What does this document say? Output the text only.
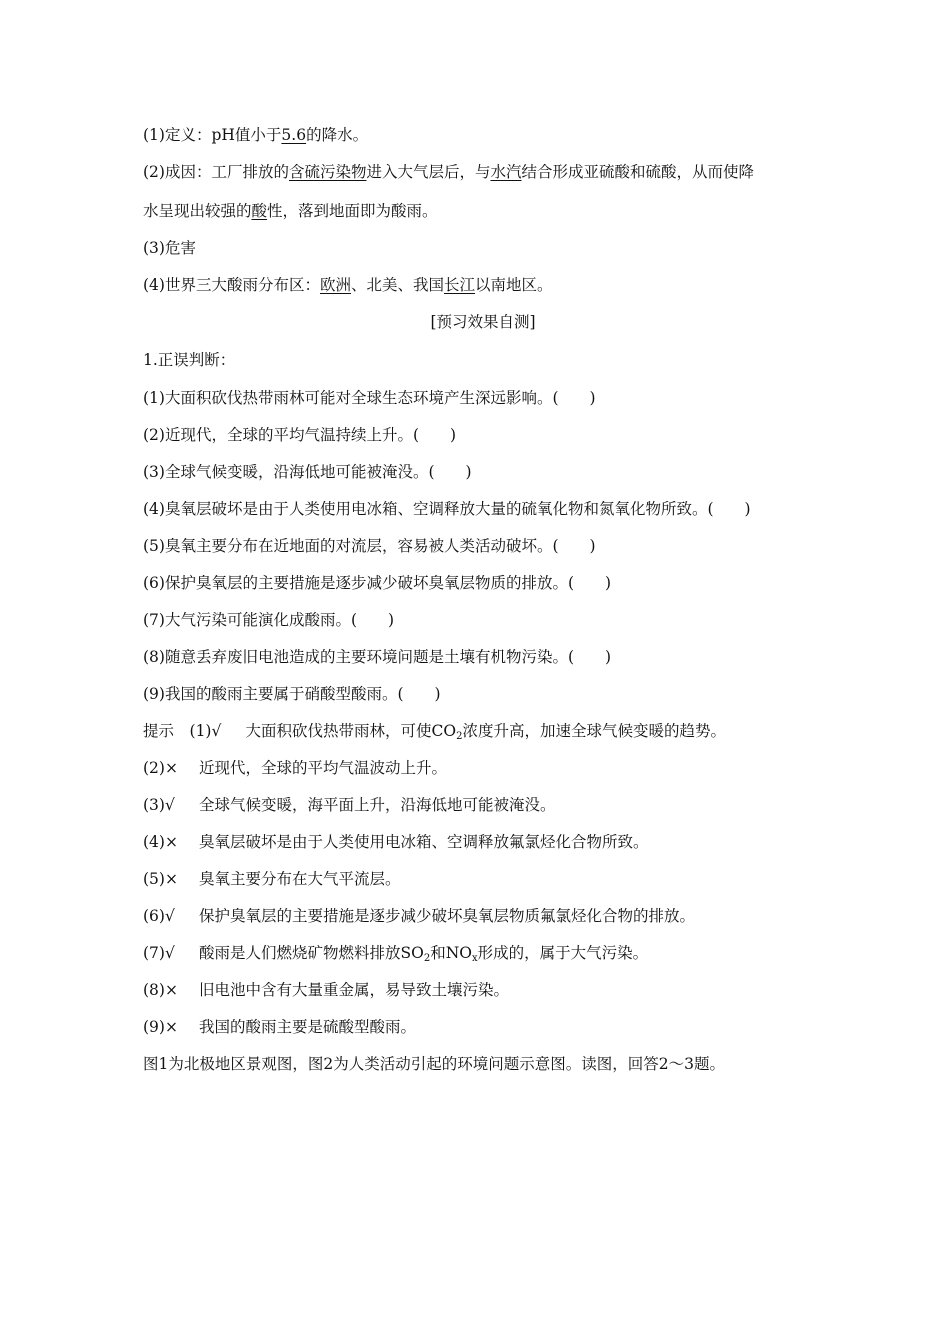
(1)定义：pH值小于5.6的降水。
(2)成因：工厂排放的含硫污染物进入大气层后，与水汽结合形成亚硫酸和硫酸，从而使降
水呈现出较强的酸性，落到地面即为酸雨。
(3)危害
(4)世界三大酸雨分布区：欧洲、北美、我国长江以南地区。
[预习效果自测]
1.正误判断：
(1)大面积砍伐热带雨林可能对全球生态环境产生深远影响。(　　)
(2)近现代，全球的平均气温持续上升。(　　)
(3)全球气候变暖，沿海低地可能被淹没。(　　)
(4)臭氧层破坏是由于人类使用电冰箱、空调释放大量的硫氧化物和氮氧化物所致。(　　)
(5)臭氧主要分布在近地面的对流层，容易被人类活动破坏。(　　)
(6)保护臭氧层的主要措施是逐步减少破坏臭氧层物质的排放。(　　)
(7)大气污染可能演化成酸雨。(　　)
(8)随意丢弃废旧电池造成的主要环境问题是土壤有机物污染。(　　)
(9)我国的酸雨主要属于硝酸型酸雨。(　　)
提示　(1)√ 大面积砍伐热带雨林，可使$CO_2$浓度升高，加速全球气候变暖的趋势。
(2)× 近现代，全球的平均气温波动上升。
(3)√ 全球气候变暖，海平面上升，沿海低地可能被淹没。
(4)× 臭氧层破坏是由于人类使用电冰箱、空调释放氟氯烃化合物所致。
(5)× 臭氧主要分布在大气平流层。
(6)√ 保护臭氧层的主要措施是逐步减少破坏臭氧层物质氟氯烃化合物的排放。
(7)√ 酸雨是人们燃烧矿物燃料排放$SO_2$和$NO_x$形成的，属于大气污染。
(8)× 旧电池中含有大量重金属，易导致土壤污染。
(9)× 我国的酸雨主要是硫酸型酸雨。
图1为北极地区景观图，图2为人类活动引起的环境问题示意图。读图，回答2～3题。
